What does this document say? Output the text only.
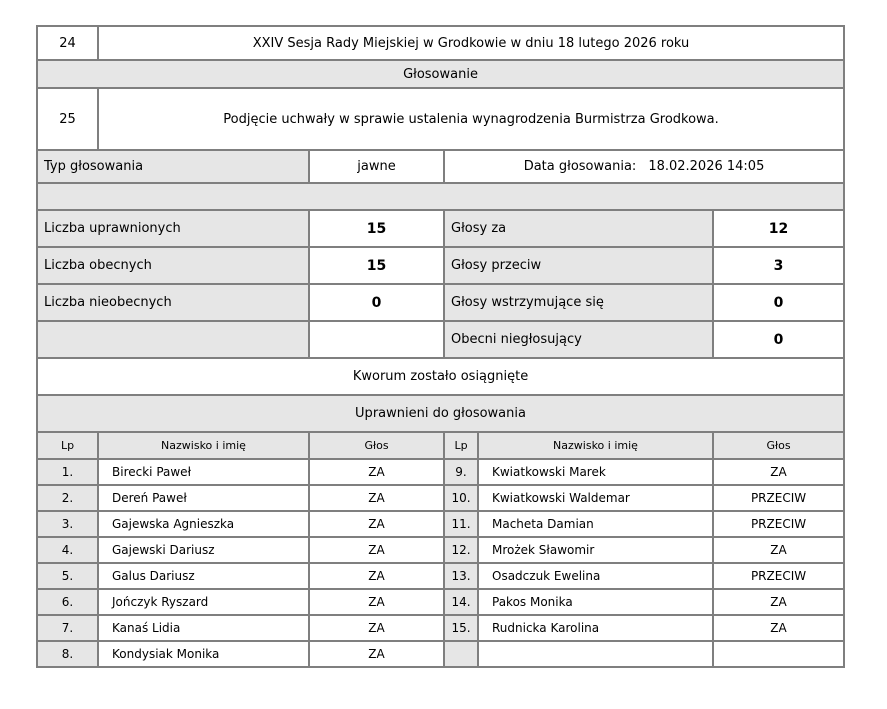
24	XXIV Sesja Rady Miejskiej w Grodkowie w dniu 18 lutego 2026 roku				
Głosowanie					
25	Podjęcie uchwały w sprawie ustalenia wynagrodzenia Burmistrza Grodkowa.				
Typ głosowania		jawne	Data głosowania: 18.02.2026 14:05		

Liczba uprawnionych		15	Głosy za		12
Liczba obecnych		15	Głosy przeciw		3
Liczba nieobecnych		0	Głosy wstrzymujące się		0
			Obecni niegłosujący		0
Kworum zostało osiągnięte					
Uprawnieni do głosowania					
Lp	Nazwisko i imię	Głos	Lp	Nazwisko i imię	Głos
1.	Birecki Paweł	ZA	9.	Kwiatkowski Marek	ZA
2.	Dereń Paweł	ZA	10.	Kwiatkowski Waldemar	PRZECIW
3.	Gajewska Agnieszka	ZA	11.	Macheta Damian	PRZECIW
4.	Gajewski Dariusz	ZA	12.	Mrożek Sławomir	ZA
5.	Galus Dariusz	ZA	13.	Osadczuk Ewelina	PRZECIW
6.	Jończyk Ryszard	ZA	14.	Pakos Monika	ZA
7.	Kanaś Lidia	ZA	15.	Rudnicka Karolina	ZA
8.	Kondysiak Monika	ZA			
